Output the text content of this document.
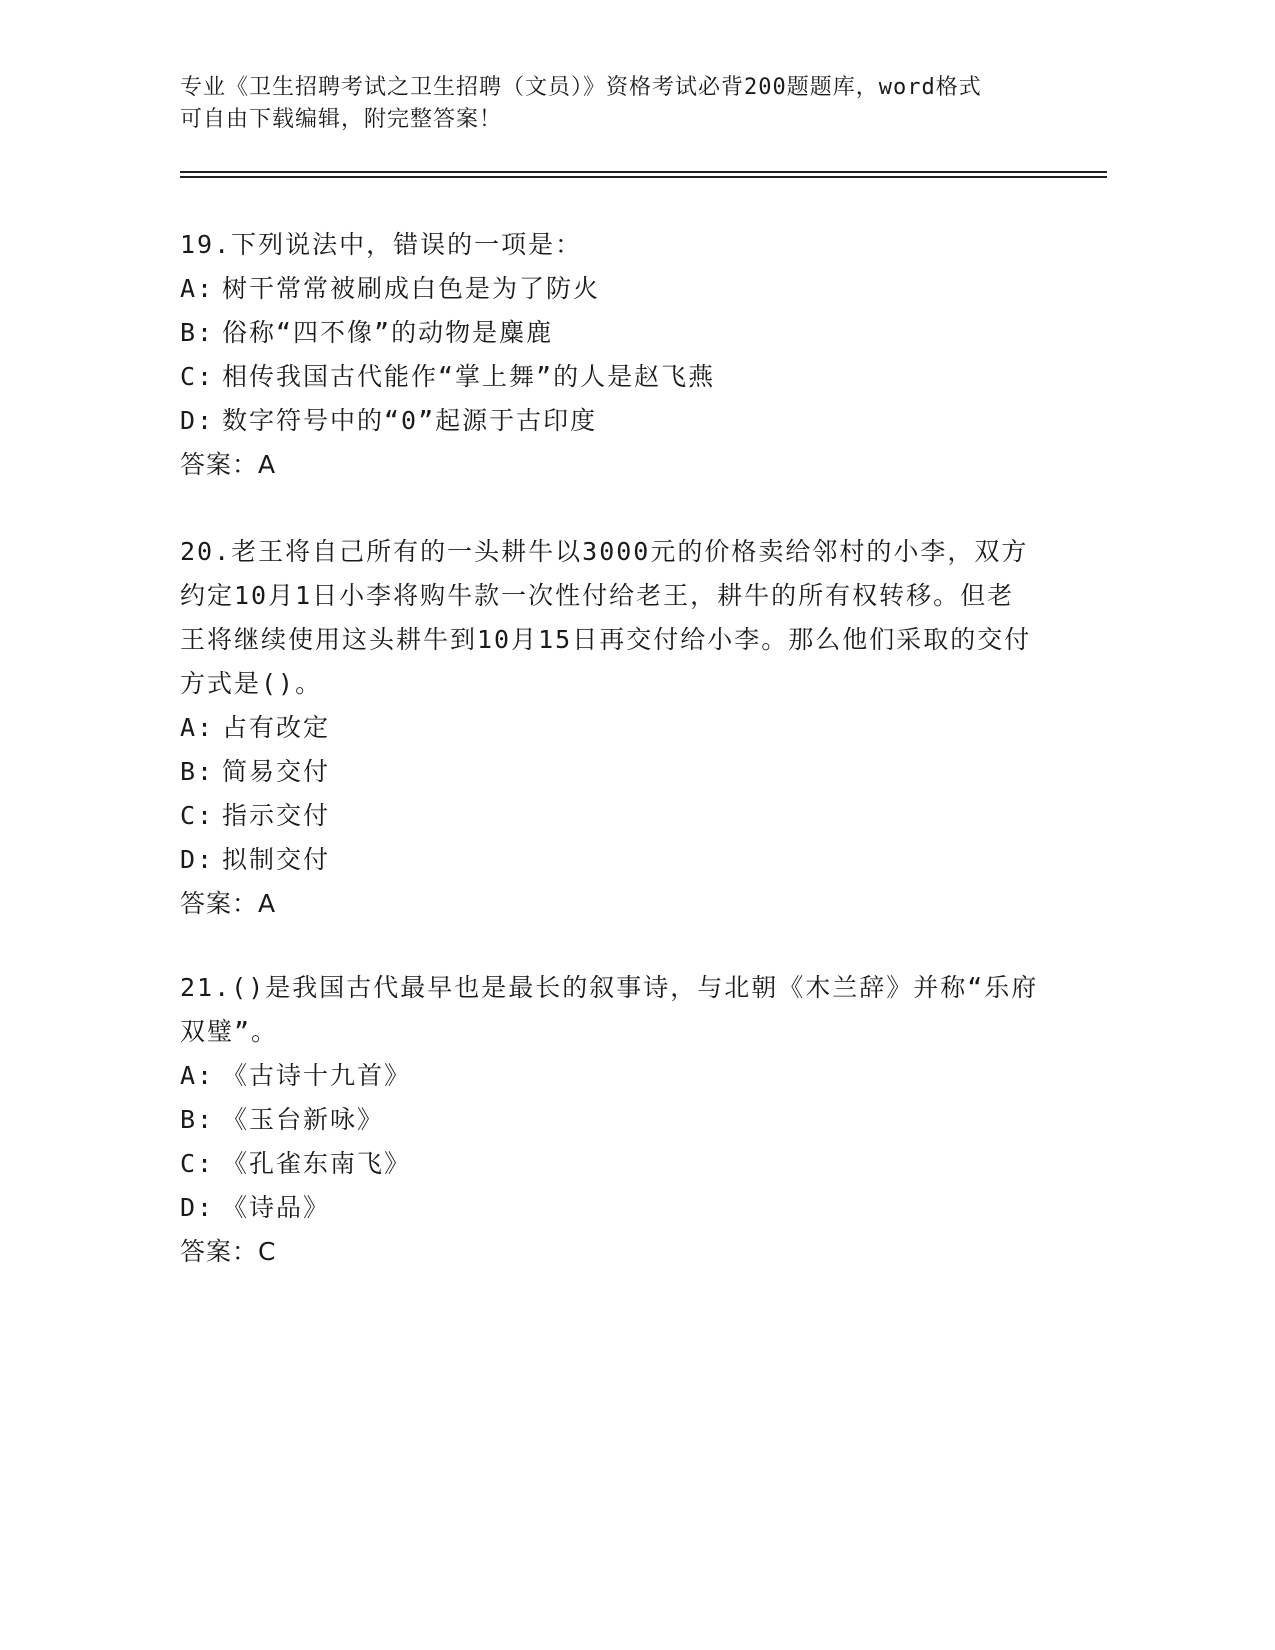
专业《卫生招聘考试之卫生招聘（文员）》资格考试必背200题题库，word格式
可自由下载编辑，附完整答案！

19.下列说法中，错误的一项是：

A: 树干常常被刷成白色是为了防火

B: 俗称“四不像”的动物是麋鹿

C: 相传我国古代能作“掌上舞”的人是赵飞燕

D: 数字符号中的“0”起源于古印度

答案：A

20.老王将自己所有的一头耕牛以3000元的价格卖给邻村的小李，双方约定10月1日小李将购牛款一次性付给老王，耕牛的所有权转移。但老王将继续使用这头耕牛到10月15日再交付给小李。那么他们采取的交付方式是()。

A: 占有改定

B: 简易交付

C: 指示交付

D: 拟制交付

答案：A

21.()是我国古代最早也是最长的叙事诗，与北朝《木兰辞》并称“乐府双璧”。

A: 《古诗十九首》

B: 《玉台新咏》

C: 《孔雀东南飞》

D: 《诗品》

答案：C
